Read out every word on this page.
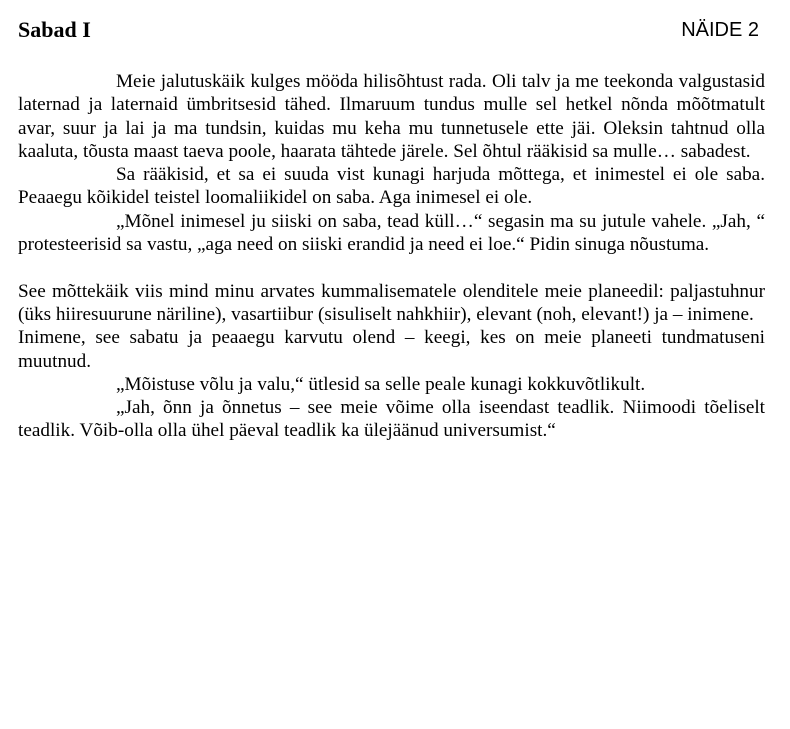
Sabad I	NÄIDE 2

Meie jalutuskäik kulges mööda hilisõhtust rada. Oli talv ja me teekonda valgustasid laternad ja laternaid ümbritsesid tähed. Ilmaruum tundus mulle sel hetkel nõnda mõõtmatult avar, suur ja lai ja ma tundsin, kuidas mu keha mu tunnetusele ette jäi. Oleksin tahtnud olla kaaluta, tõusta maast taeva poole, haarata tähtede järele. Sel õhtul rääkisid sa mulle… sabadest.

Sa rääkisid, et sa ei suuda vist kunagi harjuda mõttega, et inimestel ei ole saba. Peaaegu kõikidel teistel loomaliikidel on saba. Aga inimesel ei ole.

„Mõnel inimesel ju siiski on saba, tead küll…“ segasin ma su jutule vahele. „Jah, “ protesteerisid sa vastu, „aga need on siiski erandid ja need ei loe.“ Pidin sinuga nõustuma.

See mõttekäik viis mind minu arvates kummalisematele olenditele meie planeedil: paljastuhnur (üks hiiresuurune näriline), vasartiibur (sisuliselt nahkhiir), elevant (noh, elevant!) ja – inimene.

Inimene, see sabatu ja peaaegu karvutu olend – keegi, kes on meie planeeti tundmatuseni muutnud.

„Mõistuse võlu ja valu,“ ütlesid sa selle peale kunagi kokkuvõtlikult.

„Jah, õnn ja õnnetus – see meie võime olla iseendast teadlik. Niimoodi tõeliselt teadlik. Võib-olla olla ühel päeval teadlik ka ülejäänud universumist.“
